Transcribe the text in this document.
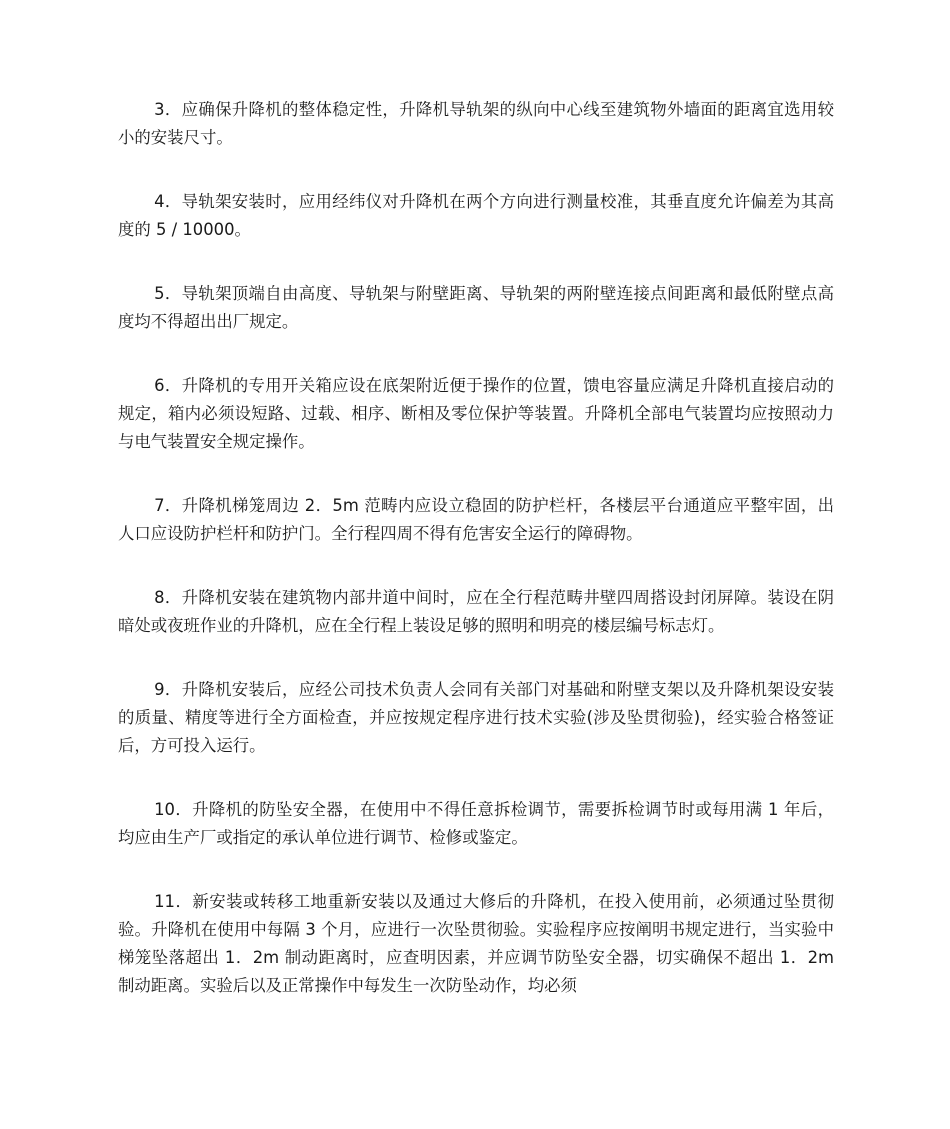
3．应确保升降机的整体稳定性，升降机导轨架的纵向中心线至建筑物外墙面的距离宜选用较小的安装尺寸。

4．导轨架安装时，应用经纬仪对升降机在两个方向进行测量校准，其垂直度允许偏差为其高度的 5 / 10000。

5．导轨架顶端自由高度、导轨架与附壁距离、导轨架的两附壁连接点间距离和最低附壁点高度均不得超出出厂规定。

6．升降机的专用开关箱应设在底架附近便于操作的位置，馈电容量应满足升降机直接启动的规定，箱内必须设短路、过载、相序、断相及零位保护等装置。升降机全部电气装置均应按照动力与电气装置安全规定操作。

7．升降机梯笼周边 2．5m 范畴内应设立稳固的防护栏杆，各楼层平台通道应平整牢固，出人口应设防护栏杆和防护门。全行程四周不得有危害安全运行的障碍物。

8．升降机安装在建筑物内部井道中间时，应在全行程范畴井壁四周搭设封闭屏障。装设在阴暗处或夜班作业的升降机，应在全行程上装设足够的照明和明亮的楼层编号标志灯。

9．升降机安装后，应经公司技术负责人会同有关部门对基础和附壁支架以及升降机架设安装的质量、精度等进行全方面检查，并应按规定程序进行技术实验(涉及坠贯彻验)，经实验合格签证后，方可投入运行。

10．升降机的防坠安全器，在使用中不得任意拆检调节，需要拆检调节时或每用满 1 年后，均应由生产厂或指定的承认单位进行调节、检修或鉴定。

11．新安装或转移工地重新安装以及通过大修后的升降机，在投入使用前，必须通过坠贯彻验。升降机在使用中每隔 3 个月，应进行一次坠贯彻验。实验程序应按阐明书规定进行，当实验中梯笼坠落超出 1．2m 制动距离时，应查明因素，并应调节防坠安全器，切实确保不超出 1．2m 制动距离。实验后以及正常操作中每发生一次防坠动作，均必须
